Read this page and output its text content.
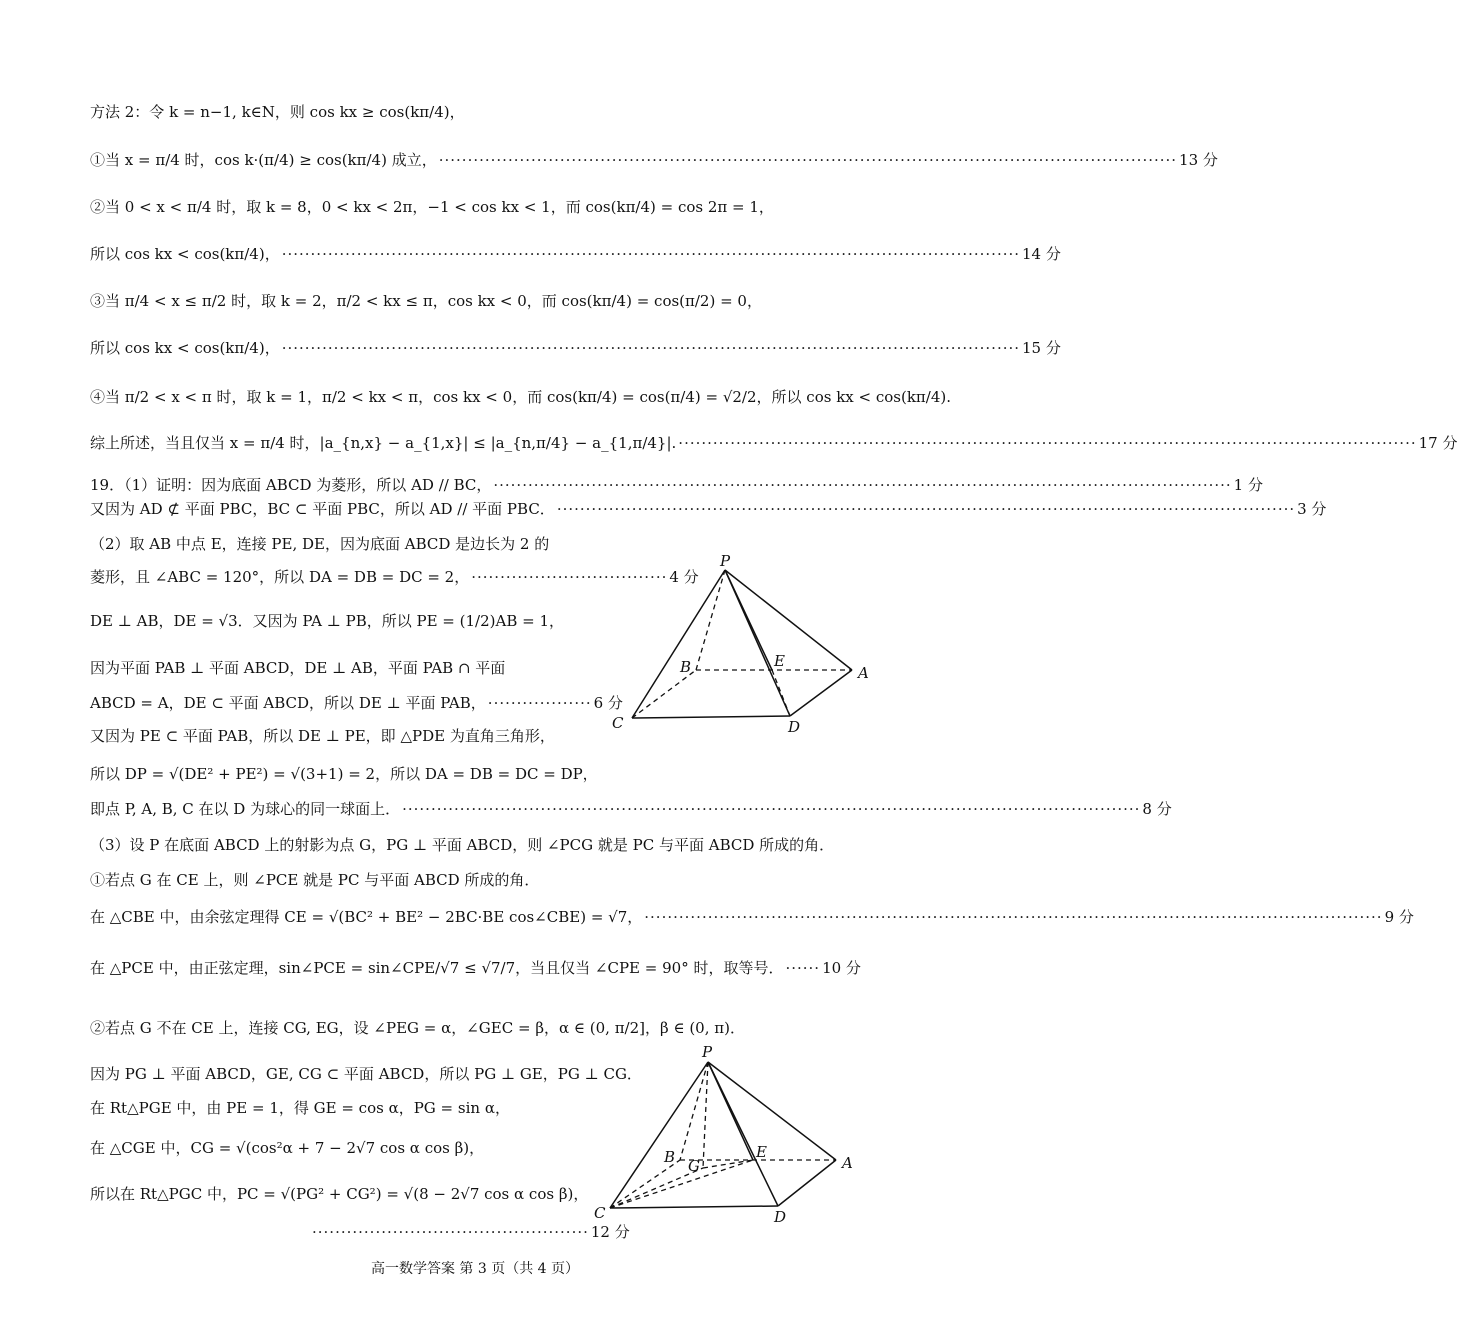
方法 2：令 k = n−1, k∈N，则 cos kx ≥ cos(kπ/4)，
①当 x = π/4 时，cos k·(π/4) ≥ cos(kπ/4) 成立， ································································································································ 13 分
②当 0 < x < π/4 时，取 k = 8，0 < kx < 2π，−1 < cos kx < 1，而 cos(kπ/4) = cos 2π = 1，
所以 cos kx < cos(kπ/4)， ································································································································ 14 分
③当 π/4 < x ≤ π/2 时，取 k = 2，π/2 < kx ≤ π，cos kx < 0，而 cos(kπ/4) = cos(π/2) = 0，
所以 cos kx < cos(kπ/4)， ································································································································ 15 分
④当 π/2 < x < π 时，取 k = 1，π/2 < kx < π，cos kx < 0，而 cos(kπ/4) = cos(π/4) = √2/2，所以 cos kx < cos(kπ/4).
综上所述，当且仅当 x = π/4 时，|a_{n,x} − a_{1,x}| ≤ |a_{n,π/4} − a_{1,π/4}|. ································································································································ 17 分
19．（1）证明：因为底面 ABCD 为菱形，所以 AD // BC， ································································································································ 1 分
又因为 AD ⊄ 平面 PBC，BC ⊂ 平面 PBC，所以 AD // 平面 PBC． ································································································································ 3 分
（2）取 AB 中点 E，连接 PE, DE，因为底面 ABCD 是边长为 2 的
菱形，且 ∠ABC = 120°，所以 DA = DB = DC = 2， ·································· 4 分
DE ⊥ AB，DE = √3．又因为 PA ⊥ PB，所以 PE = (1/2)AB = 1，
因为平面 PAB ⊥ 平面 ABCD，DE ⊥ AB，平面 PAB ∩ 平面
ABCD = A，DE ⊂ 平面 ABCD，所以 DE ⊥ 平面 PAB， ·················· 6 分
又因为 PE ⊂ 平面 PAB，所以 DE ⊥ PE，即 △PDE 为直角三角形，
所以 DP = √(DE² + PE²) = √(3+1) = 2，所以 DA = DB = DC = DP，
即点 P, A, B, C 在以 D 为球心的同一球面上． ································································································································ 8 分
（3）设 P 在底面 ABCD 上的射影为点 G，PG ⊥ 平面 ABCD，则 ∠PCG 就是 PC 与平面 ABCD 所成的角．
①若点 G 在 CE 上，则 ∠PCE 就是 PC 与平面 ABCD 所成的角．
在 △CBE 中，由余弦定理得 CE = √(BC² + BE² − 2BC·BE cos∠CBE) = √7， ································································································································ 9 分
在 △PCE 中，由正弦定理，sin∠PCE = sin∠CPE/√7 ≤ √7/7，当且仅当 ∠CPE = 90° 时，取等号． ······ 10 分
②若点 G 不在 CE 上，连接 CG, EG，设 ∠PEG = α，∠GEC = β，α ∈ (0, π/2]，β ∈ (0, π)．
因为 PG ⊥ 平面 ABCD，GE, CG ⊂ 平面 ABCD，所以 PG ⊥ GE，PG ⊥ CG．
在 Rt△PGE 中，由 PE = 1，得 GE = cos α，PG = sin α，
在 △CGE 中，CG = √(cos²α + 7 − 2√7 cos α cos β)，
所以在 Rt△PGC 中，PC = √(PG² + CG²) = √(8 − 2√7 cos α cos β)，
················································ 12 分
P
A
B
C	D
E
P
A
B
C	D
E
G
高一数学答案 第 3 页（共 4 页）
